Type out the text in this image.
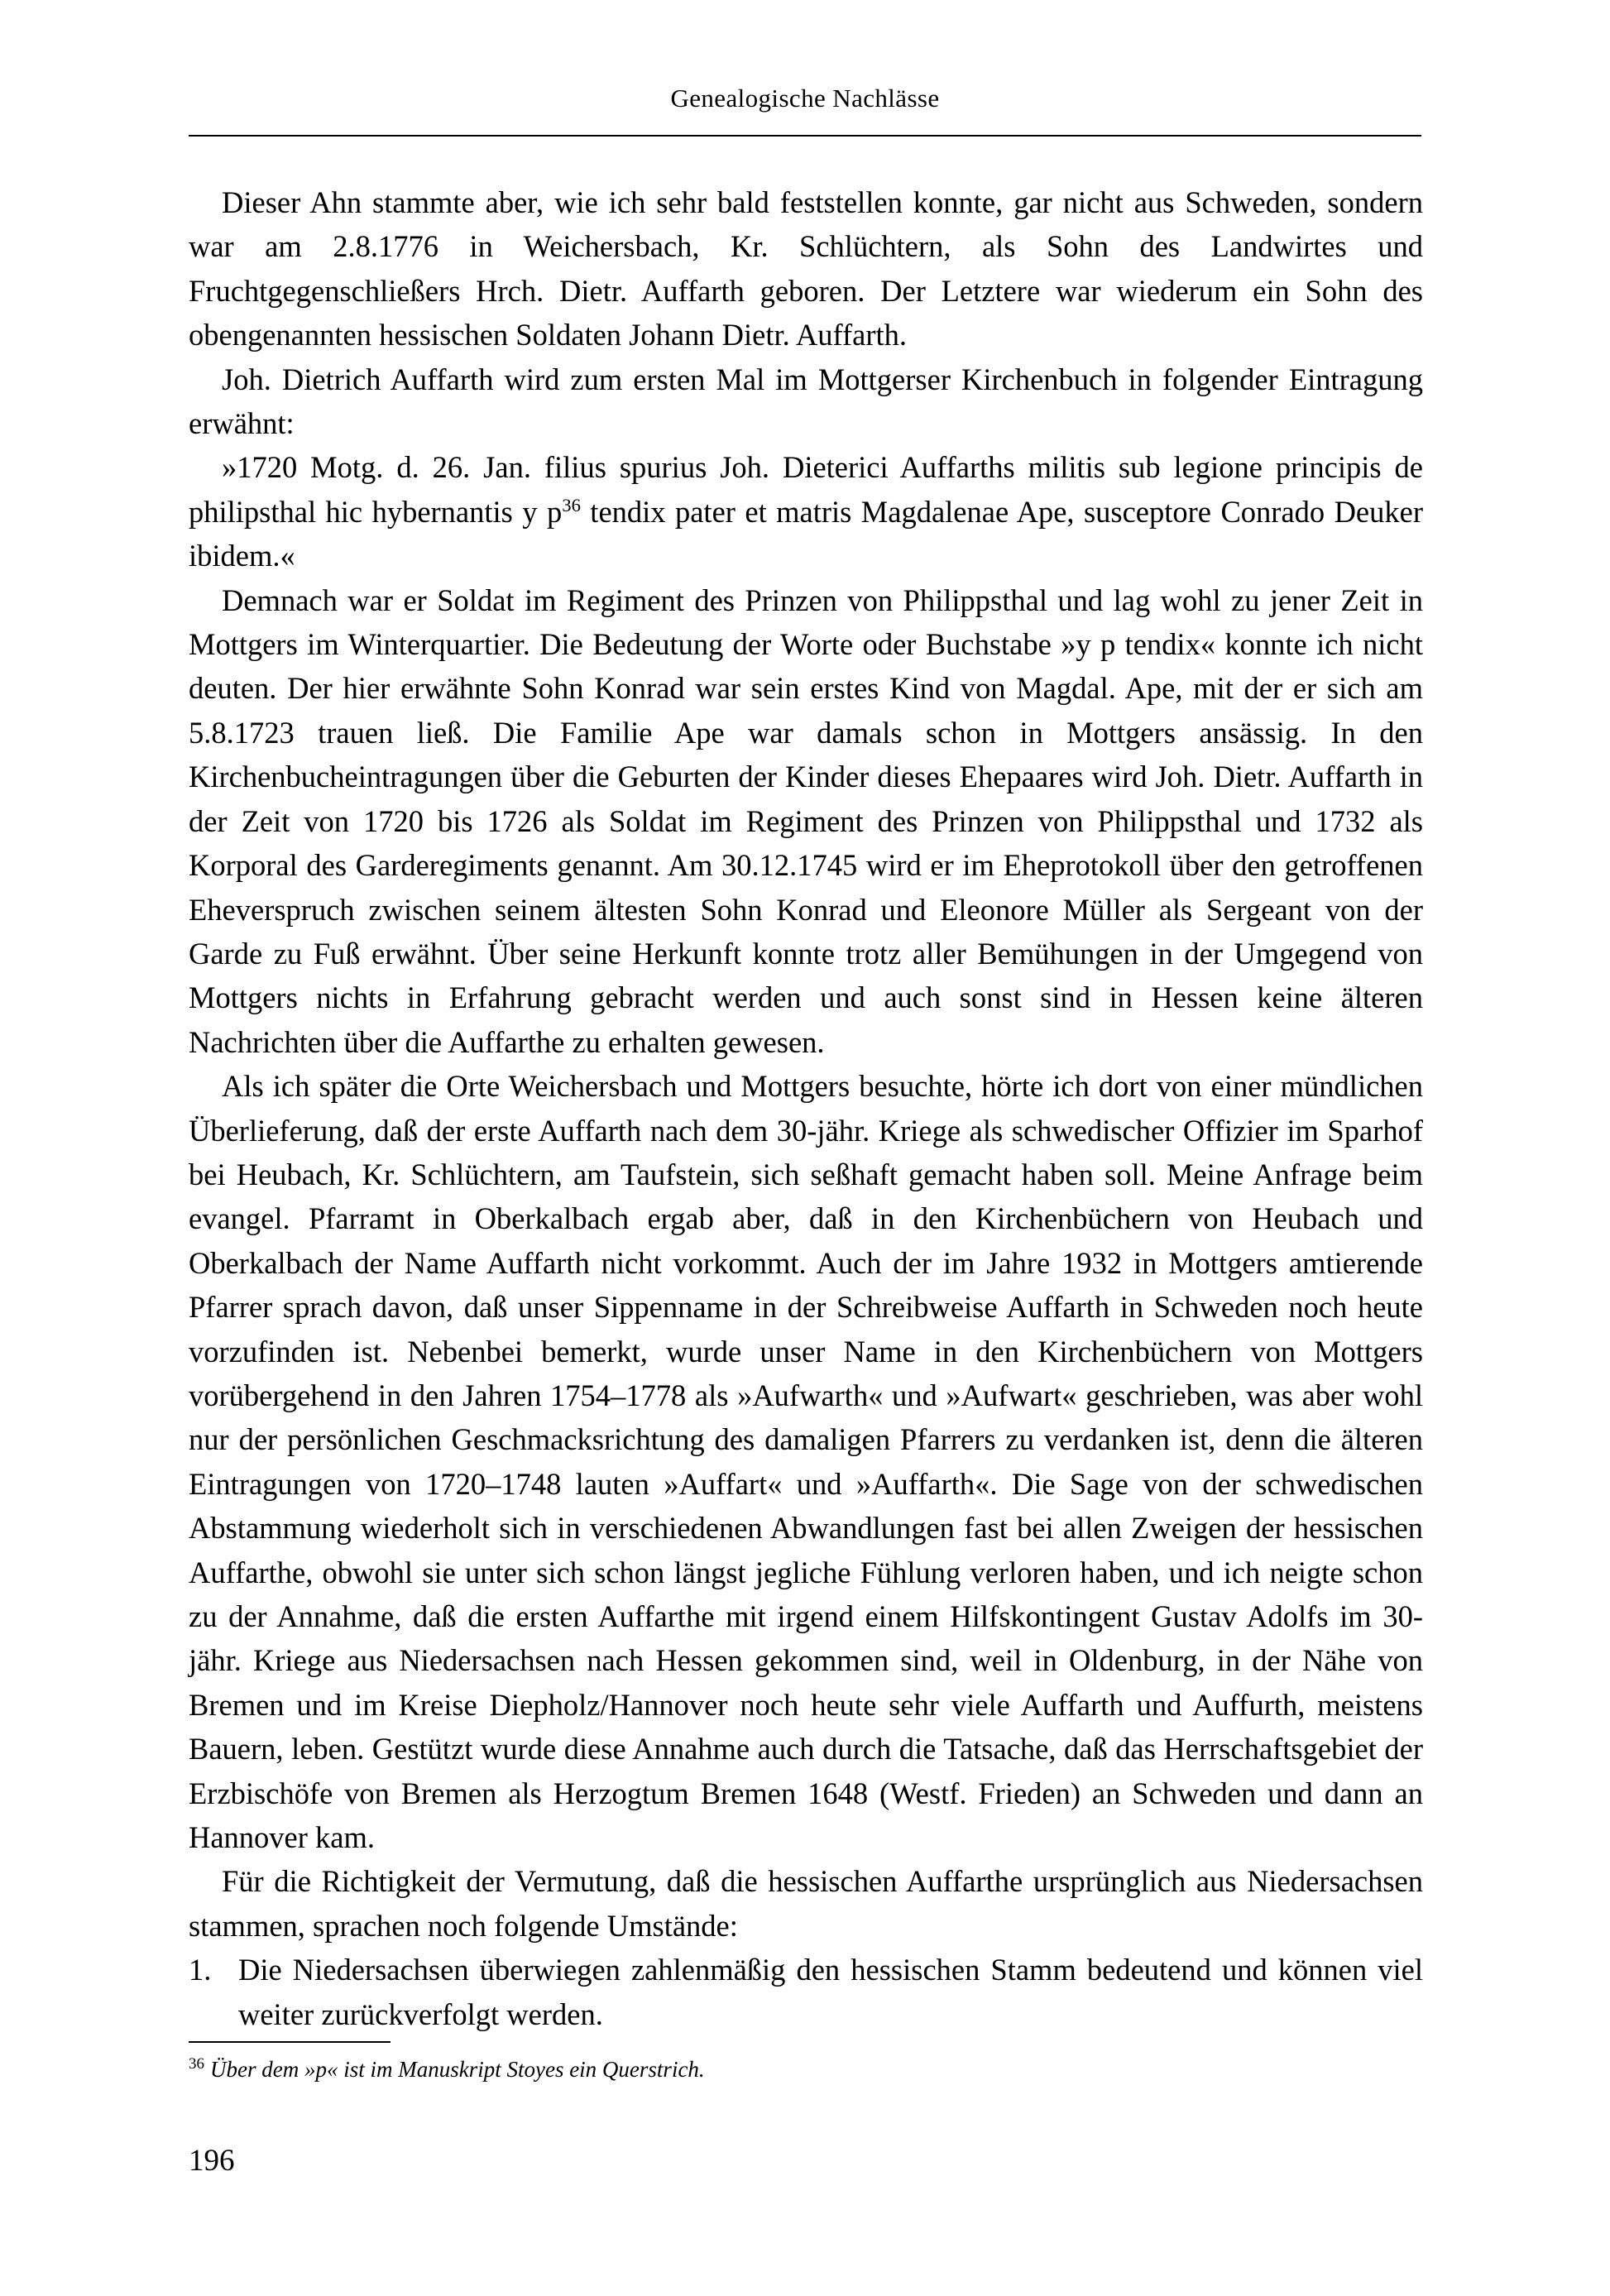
Genealogische Nachlässe

Dieser Ahn stammte aber, wie ich sehr bald feststellen konnte, gar nicht aus Schweden, sondern war am 2.8.1776 in Weichersbach, Kr. Schlüchtern, als Sohn des Landwirtes und Fruchtgegenschließers Hrch. Dietr. Auffarth geboren. Der Letztere war wiederum ein Sohn des obengenannten hessischen Soldaten Johann Dietr. Auffarth.

Joh. Dietrich Auffarth wird zum ersten Mal im Mottgerser Kirchenbuch in folgender Eintragung erwähnt:

»1720 Motg. d. 26. Jan. filius spurius Joh. Dieterici Auffarths militis sub legione principis de philipsthal hic hybernantis y p$^{36}$ tendix pater et matris Magdalenae Ape, susceptore Conrado Deuker ibidem.«

Demnach war er Soldat im Regiment des Prinzen von Philippsthal und lag wohl zu jener Zeit in Mottgers im Winterquartier. Die Bedeutung der Worte oder Buchstabe »y p tendix« konnte ich nicht deuten. Der hier erwähnte Sohn Konrad war sein erstes Kind von Magdal. Ape, mit der er sich am 5.8.1723 trauen ließ. Die Familie Ape war damals schon in Mottgers ansässig. In den Kirchenbucheintragungen über die Geburten der Kinder dieses Ehepaares wird Joh. Dietr. Auffarth in der Zeit von 1720 bis 1726 als Soldat im Regiment des Prinzen von Philippsthal und 1732 als Korporal des Garderegiments genannt. Am 30.12.1745 wird er im Eheprotokoll über den getroffenen Eheverspruch zwischen seinem ältesten Sohn Konrad und Eleonore Müller als Sergeant von der Garde zu Fuß erwähnt. Über seine Herkunft konnte trotz aller Bemühungen in der Umgegend von Mottgers nichts in Erfahrung gebracht werden und auch sonst sind in Hessen keine älteren Nachrichten über die Auffarthe zu erhalten gewesen.

Als ich später die Orte Weichersbach und Mottgers besuchte, hörte ich dort von einer mündlichen Überlieferung, daß der erste Auffarth nach dem 30-jähr. Kriege als schwedischer Offizier im Sparhof bei Heubach, Kr. Schlüchtern, am Taufstein, sich seßhaft gemacht haben soll. Meine Anfrage beim evangel. Pfarramt in Oberkalbach ergab aber, daß in den Kirchenbüchern von Heubach und Oberkalbach der Name Auffarth nicht vorkommt. Auch der im Jahre 1932 in Mottgers amtierende Pfarrer sprach davon, daß unser Sippenname in der Schreibweise Auffarth in Schweden noch heute vorzufinden ist. Nebenbei bemerkt, wurde unser Name in den Kirchenbüchern von Mottgers vorübergehend in den Jahren 1754–1778 als »Aufwarth« und »Aufwart« geschrieben, was aber wohl nur der persönlichen Geschmacksrichtung des damaligen Pfarrers zu verdanken ist, denn die älteren Eintragungen von 1720–1748 lauten »Auffart« und »Auffarth«. Die Sage von der schwedischen Abstammung wiederholt sich in verschiedenen Abwandlungen fast bei allen Zweigen der hessischen Auffarthe, obwohl sie unter sich schon längst jegliche Fühlung verloren haben, und ich neigte schon zu der Annahme, daß die ersten Auffarthe mit irgend einem Hilfskontingent Gustav Adolfs im 30-jähr. Kriege aus Niedersachsen nach Hessen gekommen sind, weil in Oldenburg, in der Nähe von Bremen und im Kreise Diepholz/Hannover noch heute sehr viele Auffarth und Auffurth, meistens Bauern, leben. Gestützt wurde diese Annahme auch durch die Tatsache, daß das Herrschaftsgebiet der Erzbischöfe von Bremen als Herzogtum Bremen 1648 (Westf. Frieden) an Schweden und dann an Hannover kam.

Für die Richtigkeit der Vermutung, daß die hessischen Auffarthe ursprünglich aus Niedersachsen stammen, sprachen noch folgende Umstände:

1. Die Niedersachsen überwiegen zahlenmäßig den hessischen Stamm bedeutend und können viel weiter zurückverfolgt werden.
$^{36}$ Über dem »p« ist im Manuskript Stoyes ein Querstrich.
196
